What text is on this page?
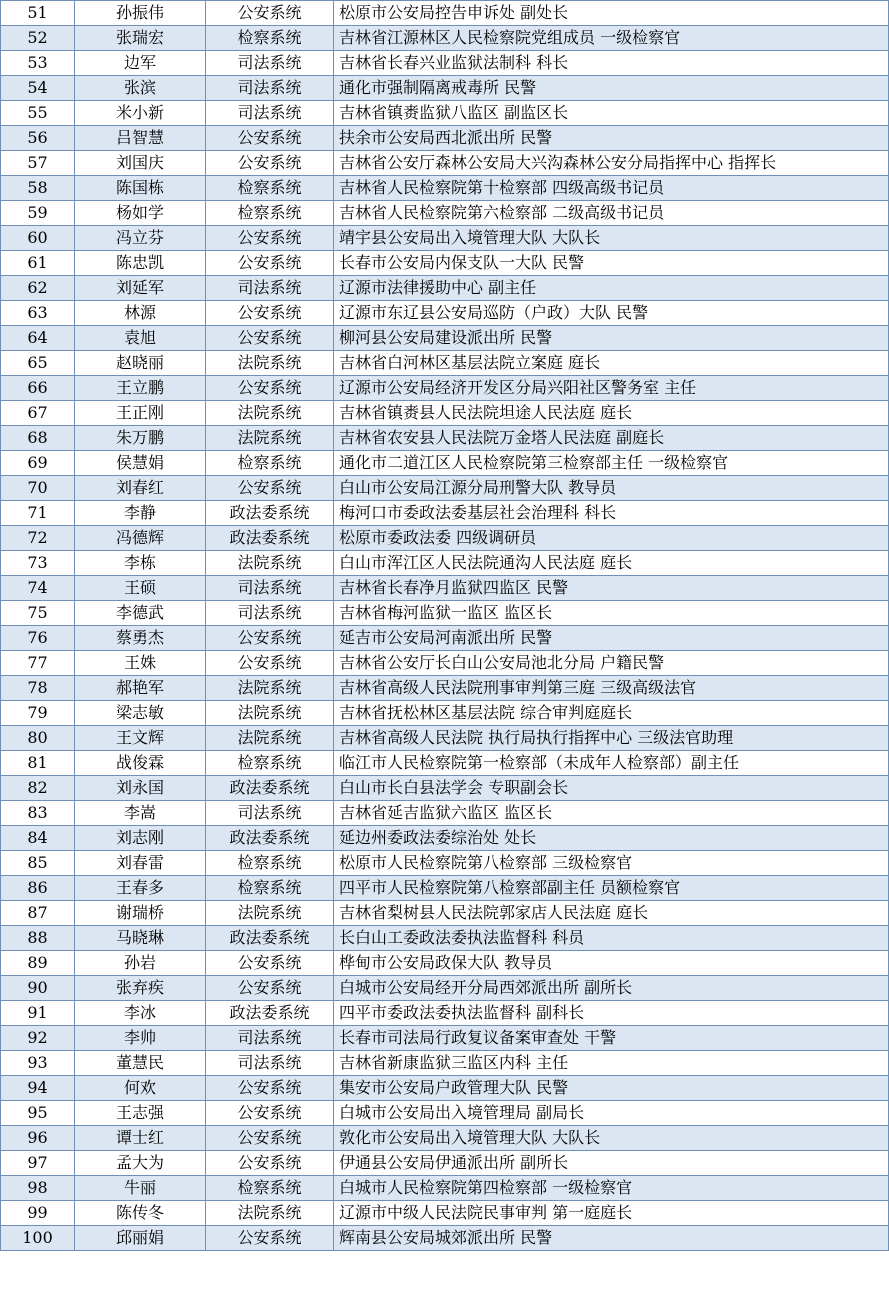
51	孙振伟	公安系统	松原市公安局控告申诉处 副处长
52	张瑞宏	检察系统	吉林省江源林区人民检察院党组成员 一级检察官
53	边军	司法系统	吉林省长春兴业监狱法制科 科长
54	张滨	司法系统	通化市强制隔离戒毒所 民警
55	米小新	司法系统	吉林省镇赉监狱八监区 副监区长
56	吕智慧	公安系统	扶余市公安局西北派出所 民警
57	刘国庆	公安系统	吉林省公安厅森林公安局大兴沟森林公安分局指挥中心 指挥长
58	陈国栋	检察系统	吉林省人民检察院第十检察部 四级高级书记员
59	杨如学	检察系统	吉林省人民检察院第六检察部 二级高级书记员
60	冯立芬	公安系统	靖宇县公安局出入境管理大队 大队长
61	陈忠凯	公安系统	长春市公安局内保支队一大队 民警
62	刘延军	司法系统	辽源市法律援助中心 副主任
63	林源	公安系统	辽源市东辽县公安局巡防（户政）大队 民警
64	袁旭	公安系统	柳河县公安局建设派出所 民警
65	赵晓丽	法院系统	吉林省白河林区基层法院立案庭 庭长
66	王立鹏	公安系统	辽源市公安局经济开发区分局兴阳社区警务室 主任
67	王正刚	法院系统	吉林省镇赉县人民法院坦途人民法庭 庭长
68	朱万鹏	法院系统	吉林省农安县人民法院万金塔人民法庭 副庭长
69	侯慧娟	检察系统	通化市二道江区人民检察院第三检察部主任 一级检察官
70	刘春红	公安系统	白山市公安局江源分局刑警大队 教导员
71	李静	政法委系统	梅河口市委政法委基层社会治理科 科长
72	冯德辉	政法委系统	松原市委政法委 四级调研员
73	李栋	法院系统	白山市浑江区人民法院通沟人民法庭 庭长
74	王硕	司法系统	吉林省长春净月监狱四监区 民警
75	李德武	司法系统	吉林省梅河监狱一监区 监区长
76	蔡勇杰	公安系统	延吉市公安局河南派出所 民警
77	王姝	公安系统	吉林省公安厅长白山公安局池北分局 户籍民警
78	郝艳军	法院系统	吉林省高级人民法院刑事审判第三庭 三级高级法官
79	梁志敏	法院系统	吉林省抚松林区基层法院 综合审判庭庭长
80	王文辉	法院系统	吉林省高级人民法院 执行局执行指挥中心 三级法官助理
81	战俊霖	检察系统	临江市人民检察院第一检察部（未成年人检察部）副主任
82	刘永国	政法委系统	白山市长白县法学会 专职副会长
83	李嵩	司法系统	吉林省延吉监狱六监区 监区长
84	刘志刚	政法委系统	延边州委政法委综治处 处长
85	刘春雷	检察系统	松原市人民检察院第八检察部 三级检察官
86	王春多	检察系统	四平市人民检察院第八检察部副主任 员额检察官
87	谢瑞桥	法院系统	吉林省梨树县人民法院郭家店人民法庭 庭长
88	马晓琳	政法委系统	长白山工委政法委执法监督科 科员
89	孙岩	公安系统	桦甸市公安局政保大队 教导员
90	张弃疾	公安系统	白城市公安局经开分局西郊派出所 副所长
91	李冰	政法委系统	四平市委政法委执法监督科 副科长
92	李帅	司法系统	长春市司法局行政复议备案审查处 干警
93	董慧民	司法系统	吉林省新康监狱三监区内科 主任
94	何欢	公安系统	集安市公安局户政管理大队 民警
95	王志强	公安系统	白城市公安局出入境管理局 副局长
96	谭士红	公安系统	敦化市公安局出入境管理大队 大队长
97	孟大为	公安系统	伊通县公安局伊通派出所 副所长
98	牛丽	检察系统	白城市人民检察院第四检察部 一级检察官
99	陈传冬	法院系统	辽源市中级人民法院民事审判 第一庭庭长
100	邱丽娟	公安系统	辉南县公安局城郊派出所 民警
